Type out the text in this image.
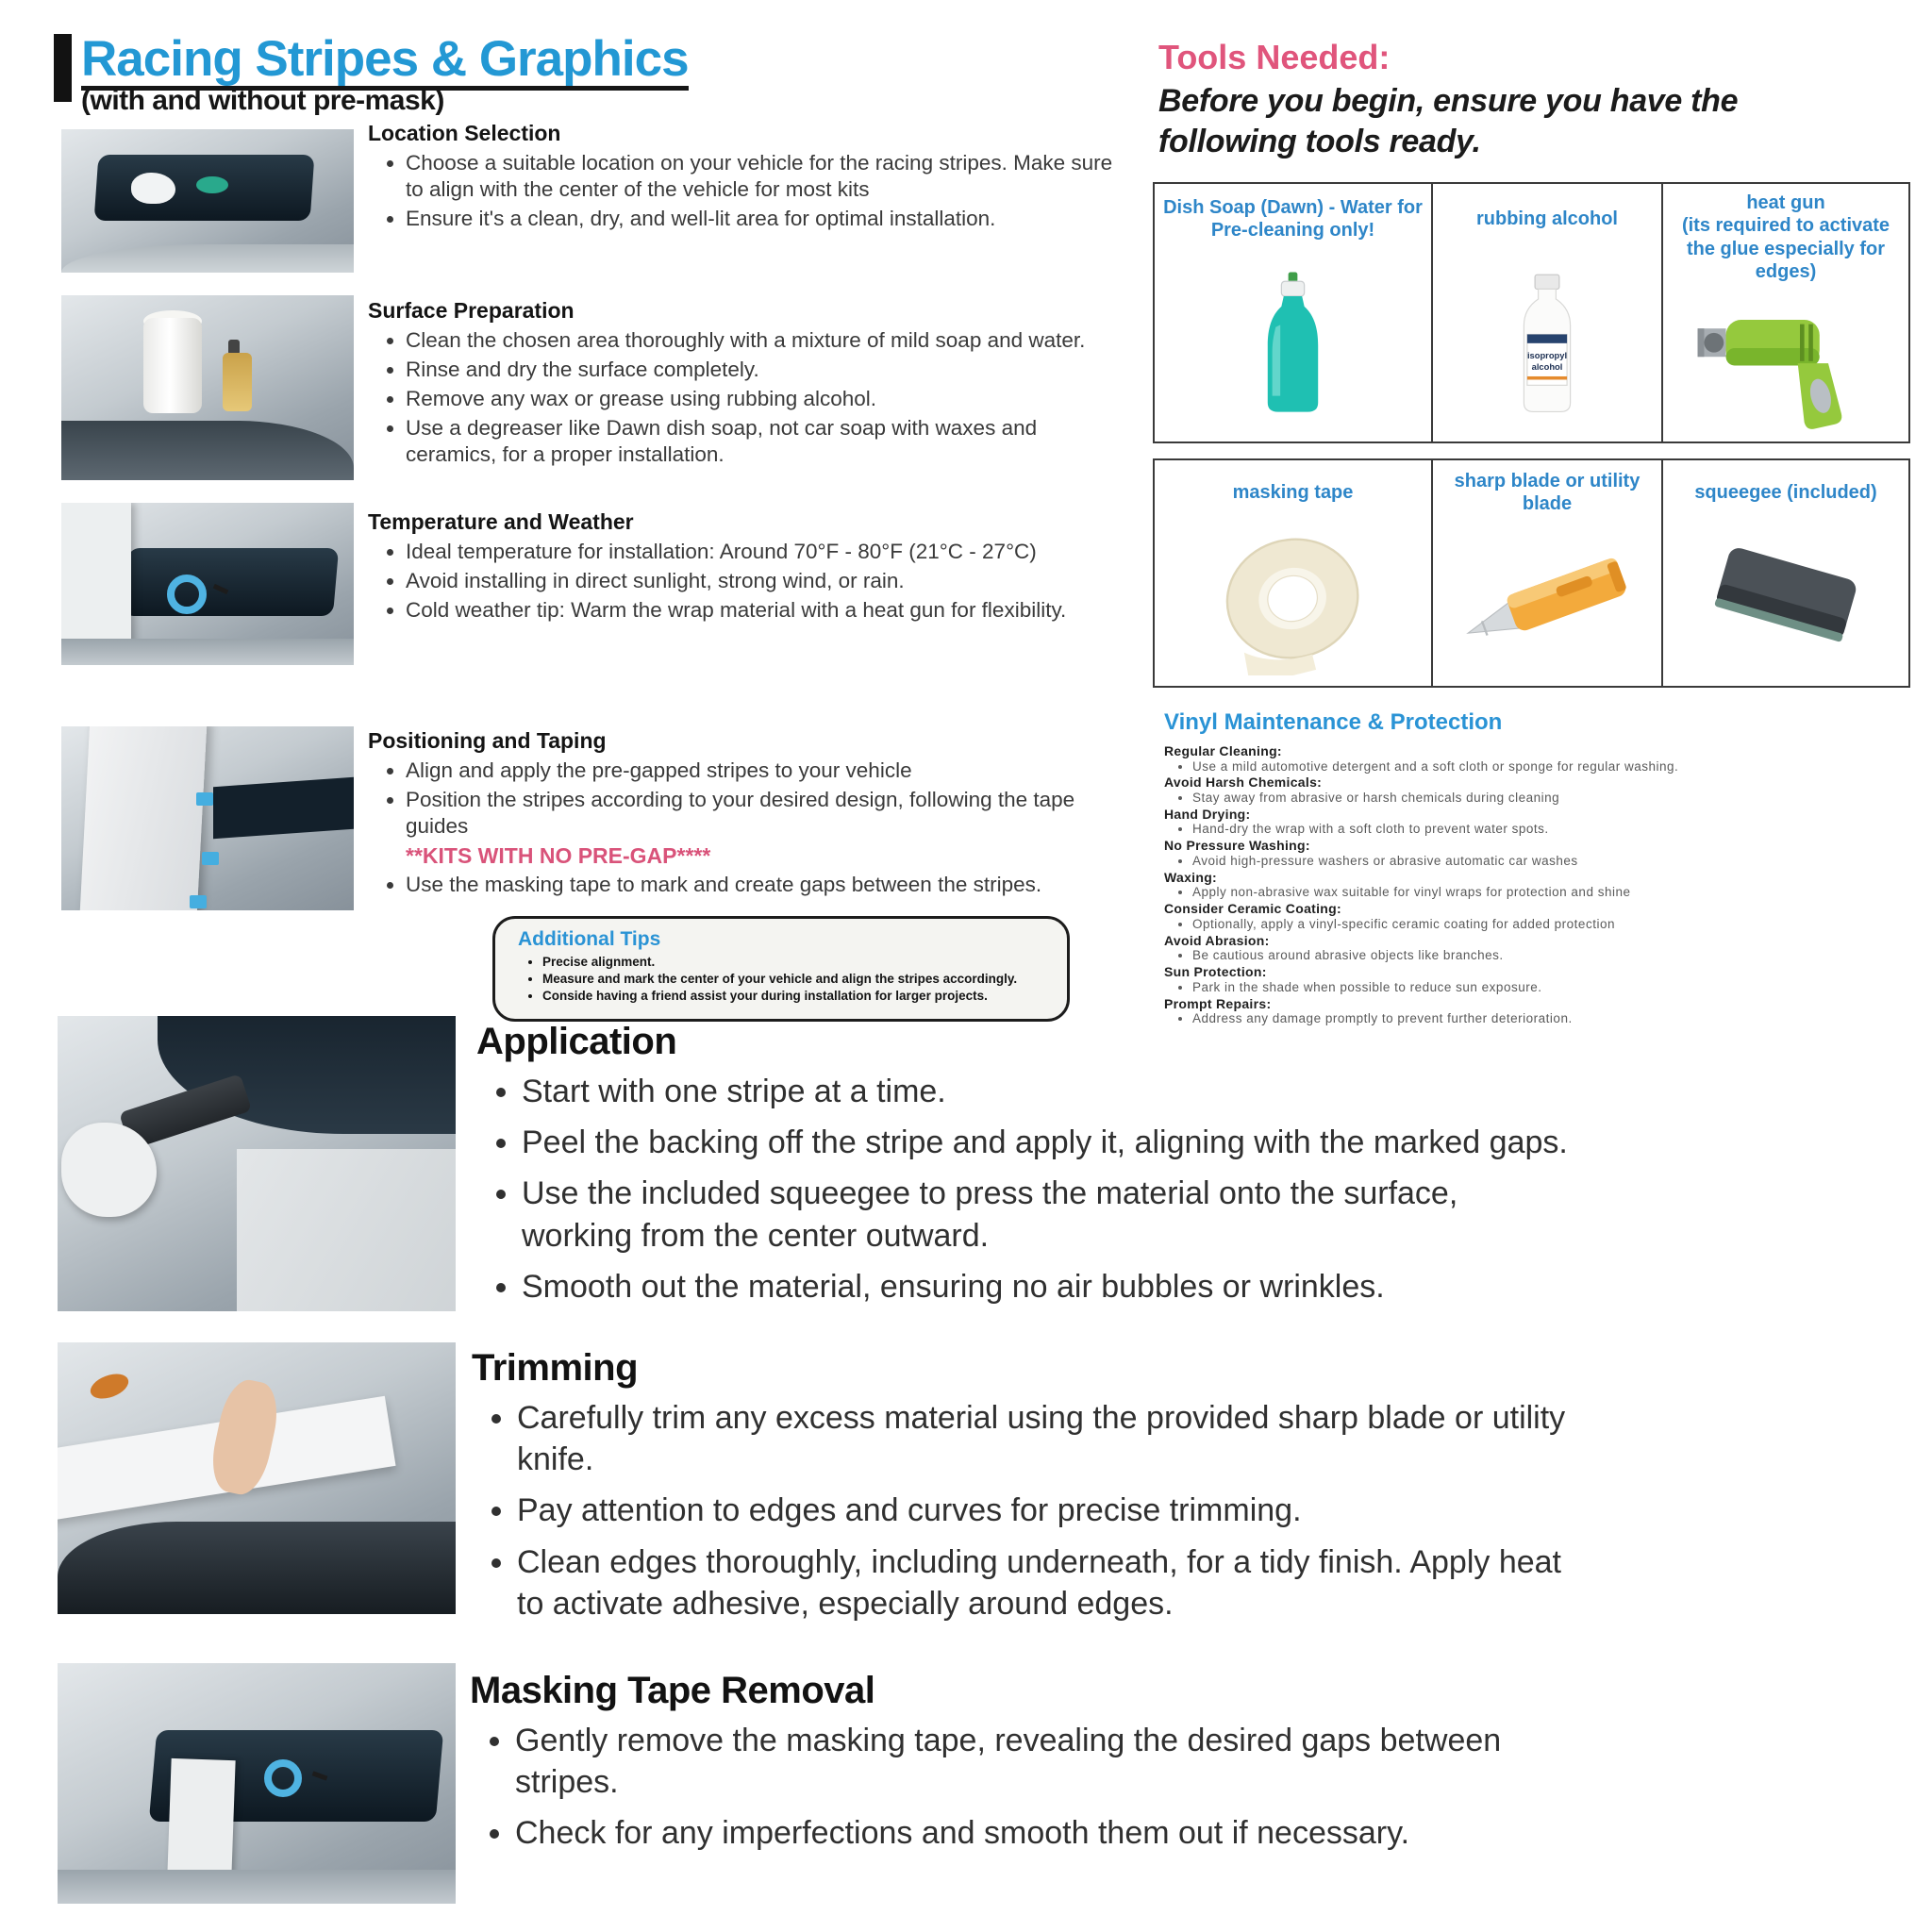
Racing Stripes & Graphics
(with and without pre-mask)
Location Selection
• Choose a suitable location on your vehicle for the racing stripes. Make sure to align with the center of the vehicle for most kits
• Ensure it's a clean, dry, and well-lit area for optimal installation.
Surface Preparation
• Clean the chosen area thoroughly with a mixture of mild soap and water.
• Rinse and dry the surface completely.
• Remove any wax or grease using rubbing alcohol.
• Use a degreaser like Dawn dish soap, not car soap with waxes and ceramics, for a proper installation.
Temperature and Weather
• Ideal temperature for installation: Around 70°F - 80°F (21°C - 27°C)
• Avoid installing in direct sunlight, strong wind, or rain.
• Cold weather tip: Warm the wrap material with a heat gun for flexibility.
Positioning and Taping
• Align and apply the pre-gapped stripes to your vehicle
• Position the stripes according to your desired design, following the tape guides
**KITS WITH NO PRE-GAP****
• Use the masking tape to mark and create gaps between the stripes.
Additional Tips
• Precise alignment.
• Measure and mark the center of your vehicle and align the stripes accordingly.
• Conside having a friend assist your during installation for larger projects.
Tools Needed:
Before you begin, ensure you have the following tools ready.
Dish Soap (Dawn) - Water for Pre-cleaning only!
rubbing alcohol
isopropyl
alcohol
heat gun
(its required to activate the glue especially for edges)
masking tape
sharp blade or utility blade
squeegee (included)
Vinyl Maintenance & Protection
Regular Cleaning:
• Use a mild automotive detergent and a soft cloth or sponge for regular washing.
Avoid Harsh Chemicals:
• Stay away from abrasive or harsh chemicals during cleaning
Hand Drying:
• Hand-dry the wrap with a soft cloth to prevent water spots.
No Pressure Washing:
• Avoid high-pressure washers or abrasive automatic car washes
Waxing:
• Apply non-abrasive wax suitable for vinyl wraps for protection and shine
Consider Ceramic Coating:
• Optionally, apply a vinyl-specific ceramic coating for added protection
Avoid Abrasion:
• Be cautious around abrasive objects like branches.
Sun Protection:
• Park in the shade when possible to reduce sun exposure.
Prompt Repairs:
• Address any damage promptly to prevent further deterioration.
Application
• Start with one stripe at a time.
• Peel the backing off the stripe and apply it, aligning with the marked gaps.
• Use the included squeegee to press the material onto the surface, working from the center outward.
• Smooth out the material, ensuring no air bubbles or wrinkles.
Trimming
• Carefully trim any excess material using the provided sharp blade or utility knife.
• Pay attention to edges and curves for precise trimming.
• Clean edges thoroughly, including underneath, for a tidy finish. Apply heat to activate adhesive, especially around edges.
Masking Tape Removal
• Gently remove the masking tape, revealing the desired gaps between stripes.
• Check for any imperfections and smooth them out if necessary.
